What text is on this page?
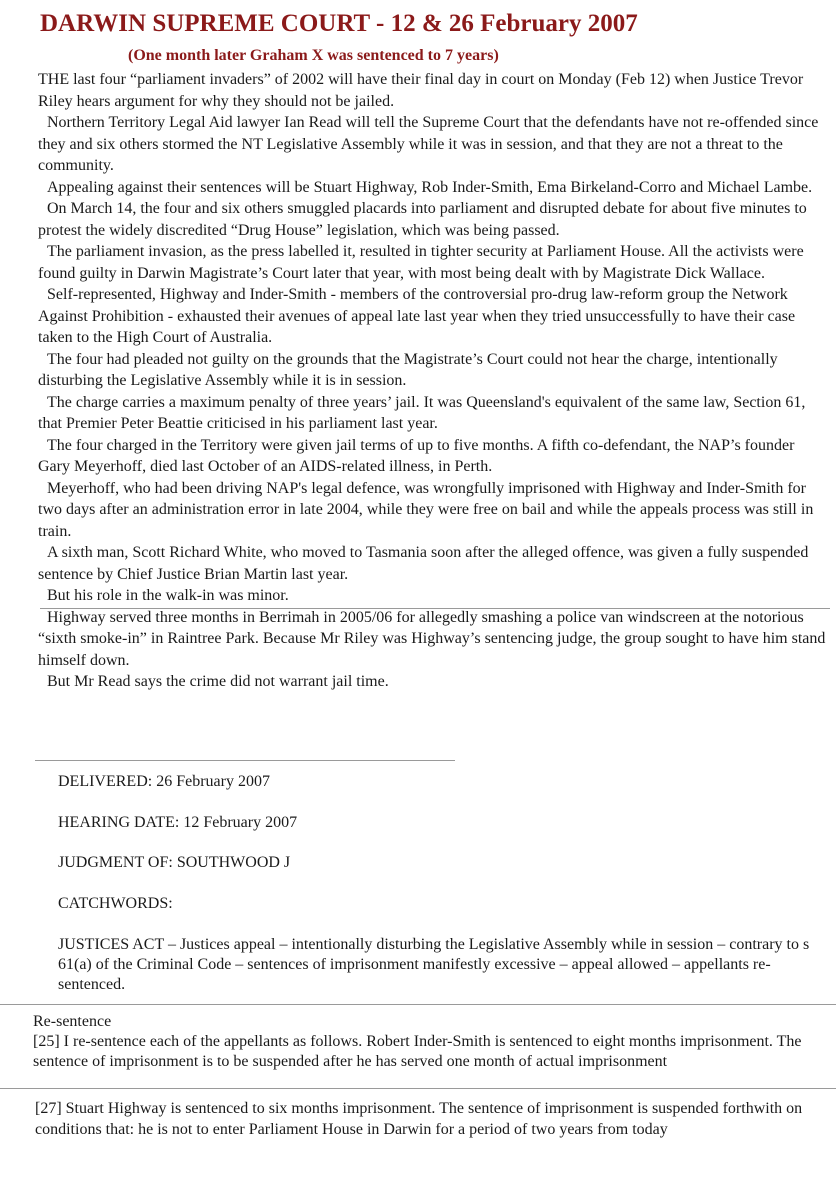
DARWIN SUPREME COURT - 12 & 26 February 2007
(One month later Graham X was sentenced to 7 years)

THE last four “parliament invaders” of 2002 will have their final day in court on Monday (Feb 12) when Justice Trevor Riley hears argument for why they should not be jailed.

Northern Territory Legal Aid lawyer Ian Read will tell the Supreme Court that the defendants have not re-offended since they and six others stormed the NT Legislative Assembly while it was in session, and that they are not a threat to the community.

Appealing against their sentences will be Stuart Highway, Rob Inder-Smith, Ema Birkeland-Corro and Michael Lambe.

On March 14, the four and six others smuggled placards into parliament and disrupted debate for about five minutes to protest the widely discredited “Drug House” legislation, which was being passed.

The parliament invasion, as the press labelled it, resulted in tighter security at Parliament House. All the activists were found guilty in Darwin Magistrate’s Court later that year, with most being dealt with by Magistrate Dick Wallace.

Self-represented, Highway and Inder-Smith - members of the controversial pro-drug law-reform group the Network Against Prohibition - exhausted their avenues of appeal late last year when they tried unsuccessfully to have their case taken to the High Court of Australia.

The four had pleaded not guilty on the grounds that the Magistrate’s Court could not hear the charge, intentionally disturbing the Legislative Assembly while it is in session.

The charge carries a maximum penalty of three years’ jail. It was Queensland's equivalent of the same law, Section 61, that Premier Peter Beattie criticised in his parliament last year.

The four charged in the Territory were given jail terms of up to five months. A fifth co-defendant, the NAP’s founder Gary Meyerhoff, died last October of an AIDS-related illness, in Perth.

Meyerhoff, who had been driving NAP's legal defence, was wrongfully imprisoned with Highway and Inder-Smith for two days after an administration error in late 2004, while they were free on bail and while the appeals process was still in train.

A sixth man, Scott Richard White, who moved to Tasmania soon after the alleged offence, was given a fully suspended sentence by Chief Justice Brian Martin last year.

But his role in the walk-in was minor.

Highway served three months in Berrimah in 2005/06 for allegedly smashing a police van windscreen at the notorious “sixth smoke-in” in Raintree Park. Because Mr Riley was Highway’s sentencing judge, the group sought to have him stand himself down.

But Mr Read says the crime did not warrant jail time.

DELIVERED: 26 February 2007
HEARING DATE: 12 February 2007
JUDGMENT OF: SOUTHWOOD J
CATCHWORDS:
JUSTICES ACT – Justices appeal – intentionally disturbing the Legislative Assembly while in session – contrary to s 61(a) of the Criminal Code – sentences of imprisonment manifestly excessive – appeal allowed – appellants re-sentenced.

Re-sentence

[25] I re-sentence each of the appellants as follows. Robert Inder-Smith is sentenced to eight months imprisonment. The sentence of imprisonment is to be suspended after he has served one month of actual imprisonment

[27] Stuart Highway is sentenced to six months imprisonment. The sentence of imprisonment is suspended forthwith on conditions that: he is not to enter Parliament House in Darwin for a period of two years from today
